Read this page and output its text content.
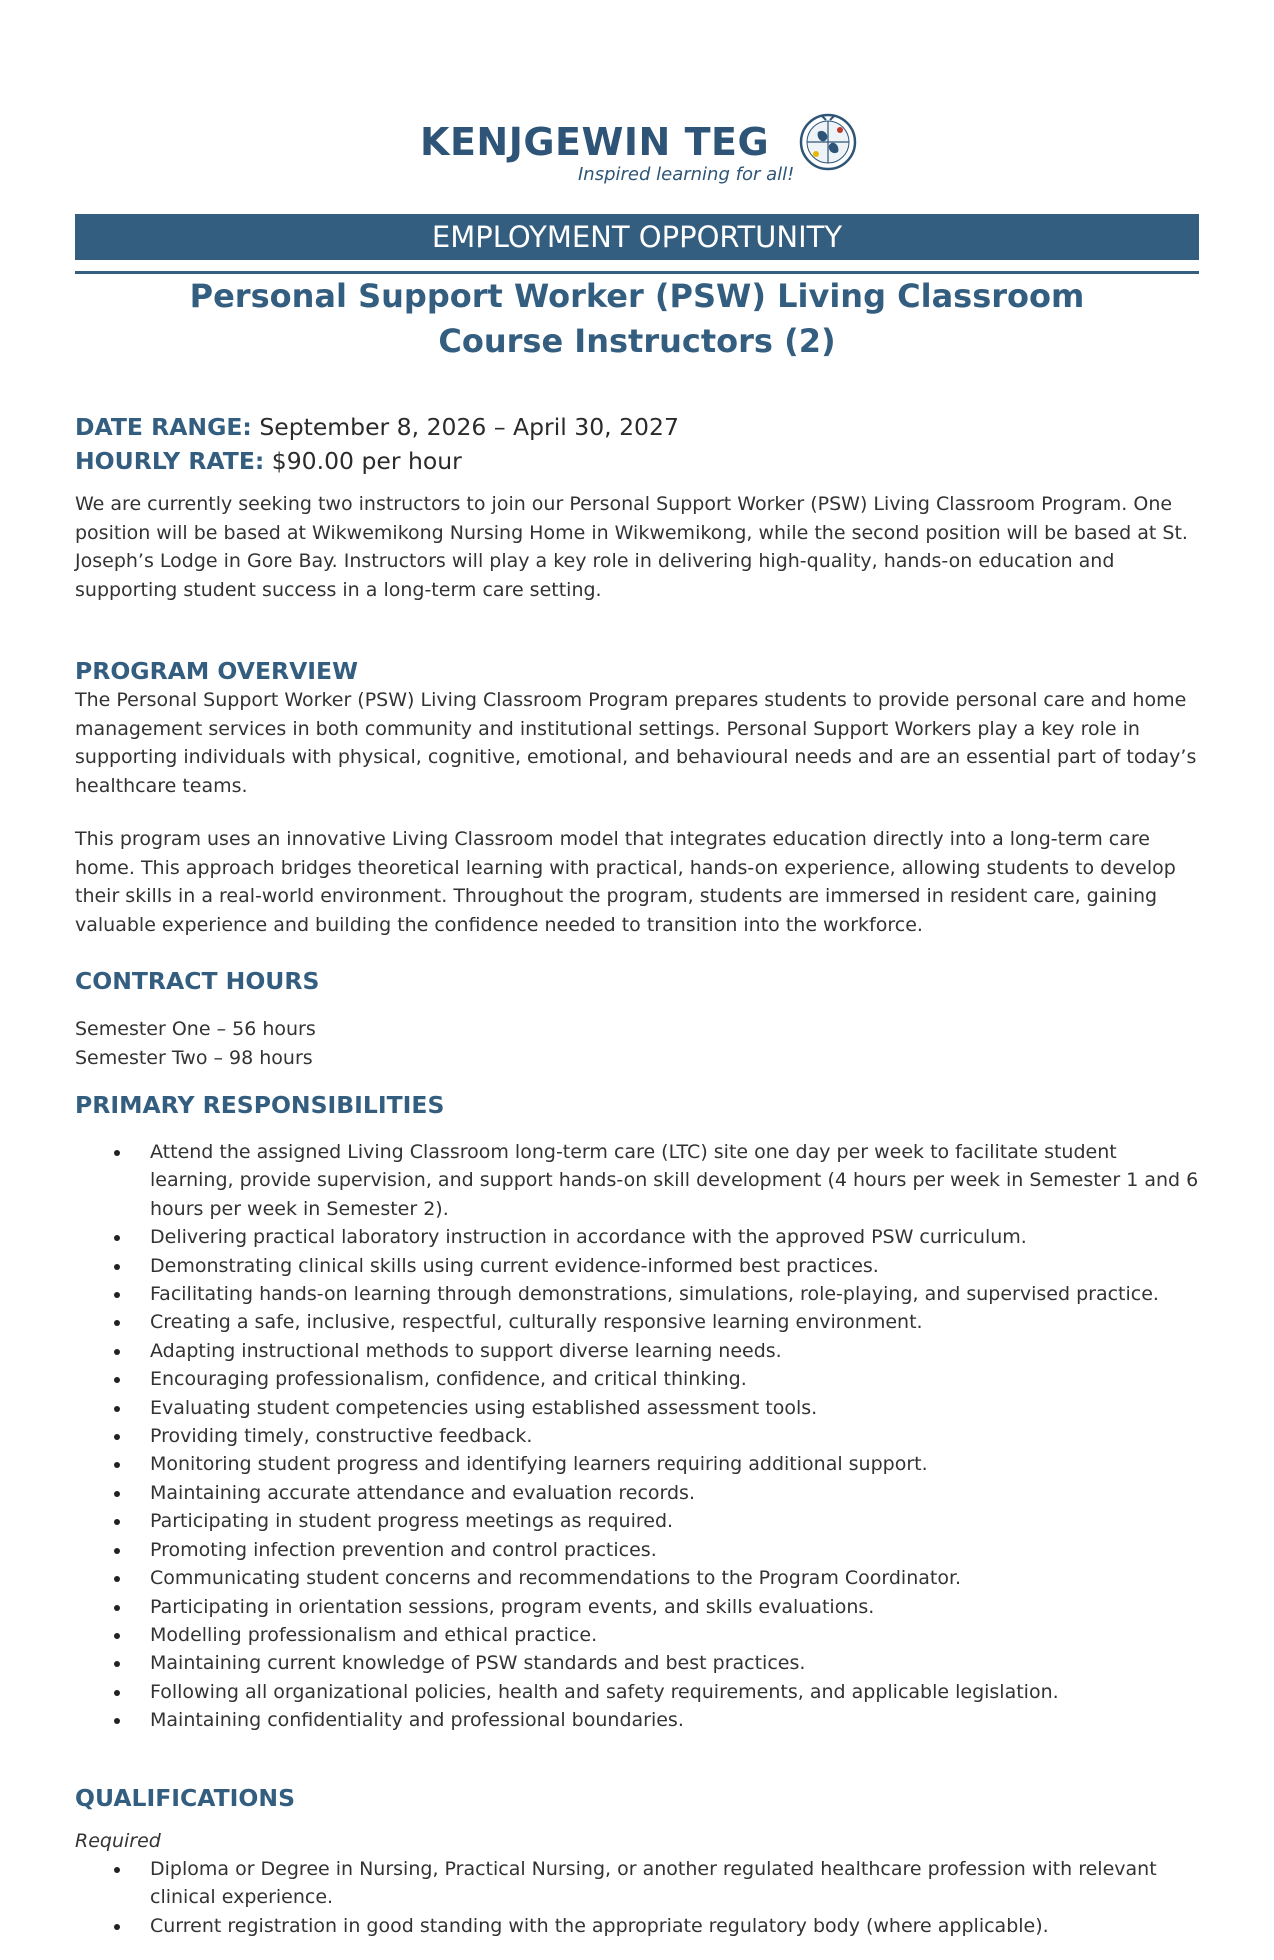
KENJGEWIN TEG
Inspired learning for all!
EMPLOYMENT OPPORTUNITY
Personal Support Worker (PSW) Living Classroom
Course Instructors (2)
DATE RANGE: September 8, 2026 – April 30, 2027
HOURLY RATE: $90.00 per hour

We are currently seeking two instructors to join our Personal Support Worker (PSW) Living Classroom Program. One position will be based at Wikwemikong Nursing Home in Wikwemikong, while the second position will be based at St. Joseph’s Lodge in Gore Bay. Instructors will play a key role in delivering high-quality, hands-on education and supporting student success in a long-term care setting.

PROGRAM OVERVIEW

The Personal Support Worker (PSW) Living Classroom Program prepares students to provide personal care and home management services in both community and institutional settings. Personal Support Workers play a key role in supporting individuals with physical, cognitive, emotional, and behavioural needs and are an essential part of today’s healthcare teams.

This program uses an innovative Living Classroom model that integrates education directly into a long-term care home. This approach bridges theoretical learning with practical, hands-on experience, allowing students to develop their skills in a real-world environment. Throughout the program, students are immersed in resident care, gaining valuable experience and building the confidence needed to transition into the workforce.

CONTRACT HOURS
Semester One – 56 hours
Semester Two – 98 hours
PRIMARY RESPONSIBILITIES
Attend the assigned Living Classroom long-term care (LTC) site one day per week to facilitate student learning, provide supervision, and support hands-on skill development (4 hours per week in Semester 1 and 6 hours per week in Semester 2).
Delivering practical laboratory instruction in accordance with the approved PSW curriculum.
Demonstrating clinical skills using current evidence-informed best practices.
Facilitating hands-on learning through demonstrations, simulations, role-playing, and supervised practice.
Creating a safe, inclusive, respectful, culturally responsive learning environment.
Adapting instructional methods to support diverse learning needs.
Encouraging professionalism, confidence, and critical thinking.
Evaluating student competencies using established assessment tools.
Providing timely, constructive feedback.
Monitoring student progress and identifying learners requiring additional support.
Maintaining accurate attendance and evaluation records.
Participating in student progress meetings as required.
Promoting infection prevention and control practices.
Communicating student concerns and recommendations to the Program Coordinator.
Participating in orientation sessions, program events, and skills evaluations.
Modelling professionalism and ethical practice.
Maintaining current knowledge of PSW standards and best practices.
Following all organizational policies, health and safety requirements, and applicable legislation.
Maintaining confidentiality and professional boundaries.
QUALIFICATIONS
Required
Diploma or Degree in Nursing, Practical Nursing, or another regulated healthcare profession with relevant clinical experience.
Current registration in good standing with the appropriate regulatory body (where applicable).
